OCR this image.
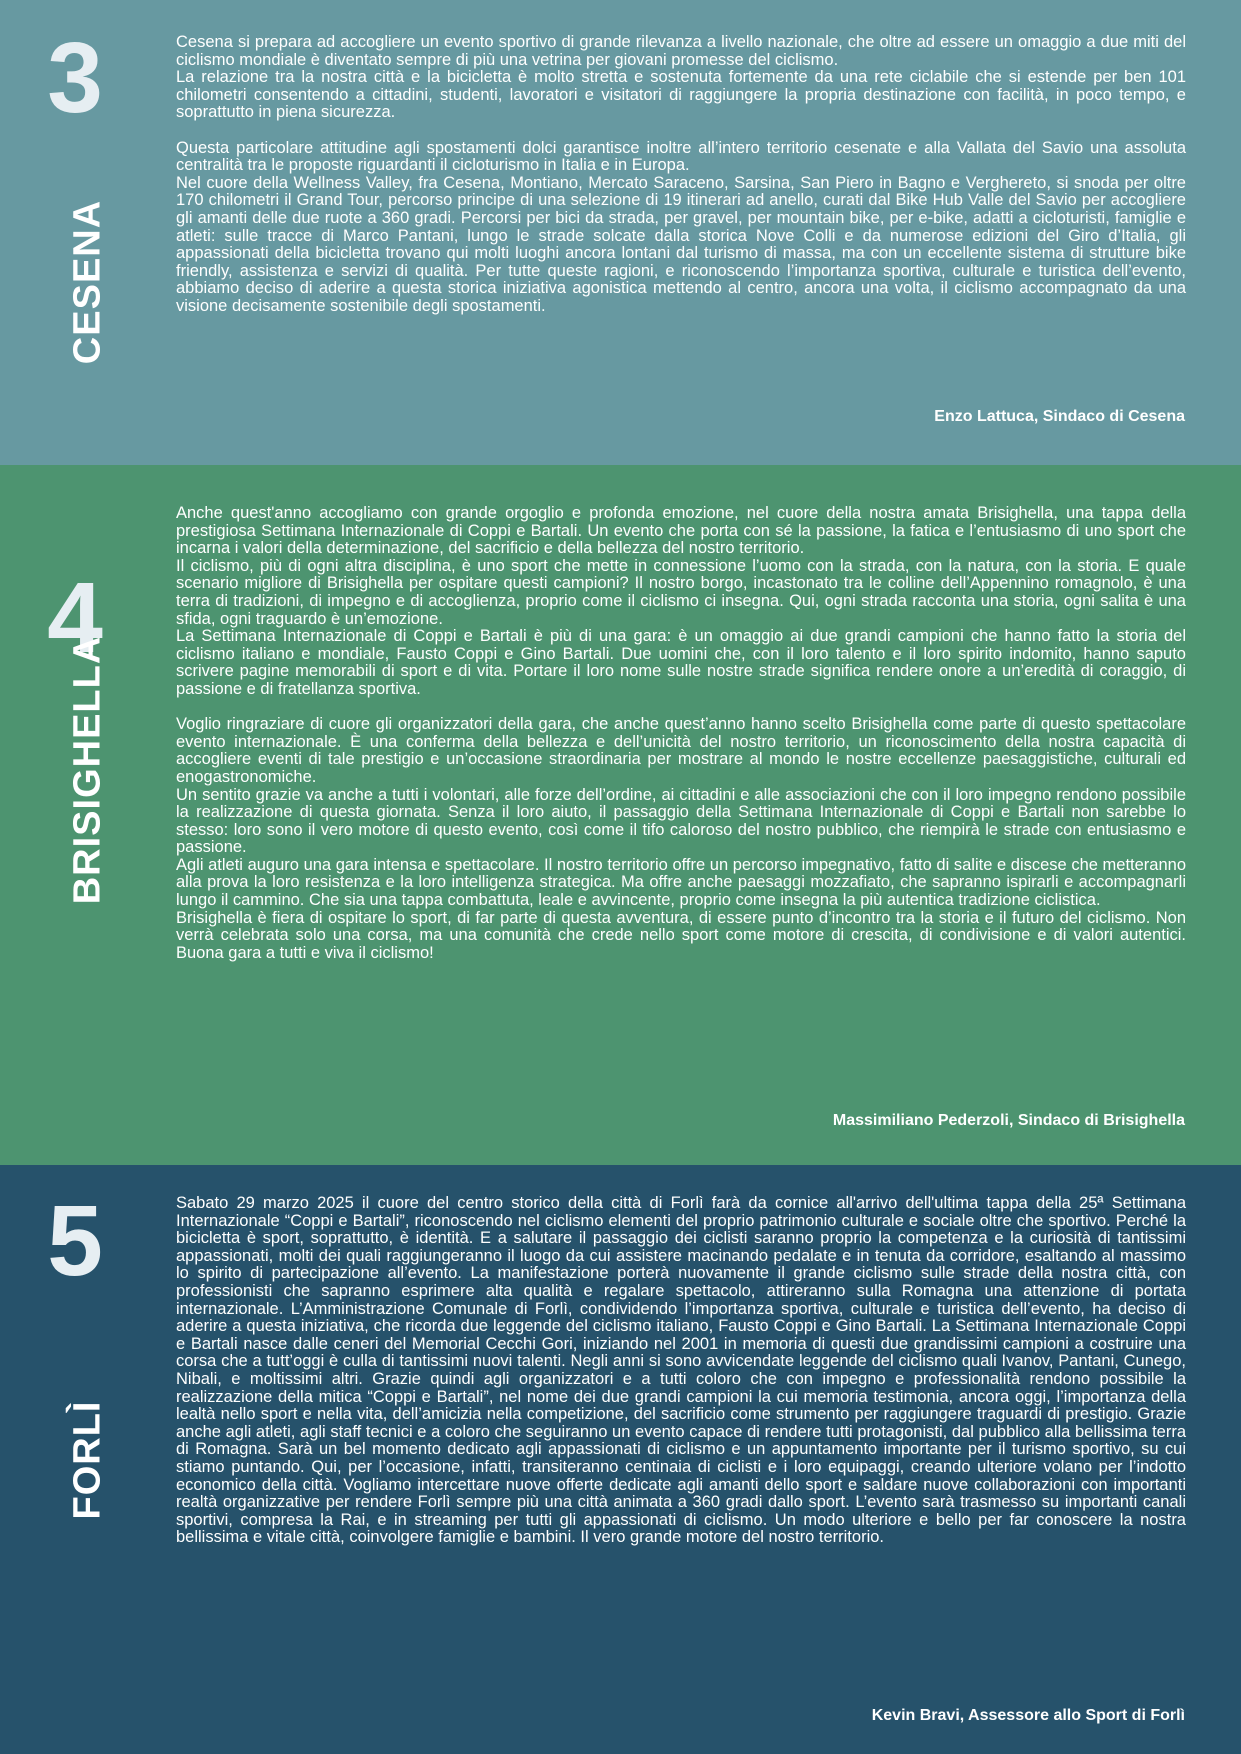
3
CESENA

Cesena si prepara ad accogliere un evento sportivo di grande rilevanza a livello nazionale, che oltre ad essere un omaggio a due miti del ciclismo mondiale è diventato sempre di più una vetrina per giovani promesse del ciclismo.

La relazione tra la nostra città e la bicicletta è molto stretta e sostenuta fortemente da una rete ciclabile che si estende per ben 101 chilometri consentendo a cittadini, studenti, lavoratori e visitatori di raggiungere la propria destinazione con facilità, in poco tempo, e soprattutto in piena sicurezza.

Questa particolare attitudine agli spostamenti dolci garantisce inoltre all’intero territorio cesenate e alla Vallata del Savio una assoluta centralità tra le proposte riguardanti il cicloturismo in Italia e in Europa.

Nel cuore della Wellness Valley, fra Cesena, Montiano, Mercato Saraceno, Sarsina, San Piero in Bagno e Verghereto, si snoda per oltre 170 chilometri il Grand Tour, percorso principe di una selezione di 19 itinerari ad anello, curati dal Bike Hub Valle del Savio per accogliere gli amanti delle due ruote a 360 gradi. Percorsi per bici da strada, per gravel, per mountain bike, per e-bike, adatti a cicloturisti, famiglie e atleti: sulle tracce di Marco Pantani, lungo le strade solcate dalla storica Nove Colli e da numerose edizioni del Giro d’Italia, gli appassionati della bicicletta trovano qui molti luoghi ancora lontani dal turismo di massa, ma con un eccellente sistema di strutture bike friendly, assistenza e servizi di qualità. Per tutte queste ragioni, e riconoscendo l’importanza sportiva, culturale e turistica dell’evento, abbiamo deciso di aderire a questa storica iniziativa agonistica mettendo al centro, ancora una volta, il ciclismo accompagnato da una visione decisamente sostenibile degli spostamenti.

Enzo Lattuca, Sindaco di Cesena
4
BRISIGHELLA

Anche quest'anno accogliamo con grande orgoglio e profonda emozione, nel cuore della nostra amata Brisighella, una tappa della prestigiosa Settimana Internazionale di Coppi e Bartali. Un evento che porta con sé la passione, la fatica e l’entusiasmo di uno sport che incarna i valori della determinazione, del sacrificio e della bellezza del nostro territorio.

Il ciclismo, più di ogni altra disciplina, è uno sport che mette in connessione l’uomo con la strada, con la natura, con la storia. E quale scenario migliore di Brisighella per ospitare questi campioni? Il nostro borgo, incastonato tra le colline dell’Appennino romagnolo, è una terra di tradizioni, di impegno e di accoglienza, proprio come il ciclismo ci insegna. Qui, ogni strada racconta una storia, ogni salita è una sfida, ogni traguardo è un’emozione.

La Settimana Internazionale di Coppi e Bartali è più di una gara: è un omaggio ai due grandi campioni che hanno fatto la storia del ciclismo italiano e mondiale, Fausto Coppi e Gino Bartali. Due uomini che, con il loro talento e il loro spirito indomito, hanno saputo scrivere pagine memorabili di sport e di vita. Portare il loro nome sulle nostre strade significa rendere onore a un’eredità di coraggio, di passione e di fratellanza sportiva.

Voglio ringraziare di cuore gli organizzatori della gara, che anche quest’anno hanno scelto Brisighella come parte di questo spettacolare evento internazionale. È una conferma della bellezza e dell’unicità del nostro territorio, un riconoscimento della nostra capacità di accogliere eventi di tale prestigio e un’occasione straordinaria per mostrare al mondo le nostre eccellenze paesaggistiche, culturali ed enogastronomiche.

Un sentito grazie va anche a tutti i volontari, alle forze dell’ordine, ai cittadini e alle associazioni che con il loro impegno rendono possibile la realizzazione di questa giornata. Senza il loro aiuto, il passaggio della Settimana Internazionale di Coppi e Bartali non sarebbe lo stesso: loro sono il vero motore di questo evento, così come il tifo caloroso del nostro pubblico, che riempirà le strade con entusiasmo e passione.

Agli atleti auguro una gara intensa e spettacolare. Il nostro territorio offre un percorso impegnativo, fatto di salite e discese che metteranno alla prova la loro resistenza e la loro intelligenza strategica. Ma offre anche paesaggi mozzafiato, che sapranno ispirarli e accompagnarli lungo il cammino. Che sia una tappa combattuta, leale e avvincente, proprio come insegna la più autentica tradizione ciclistica.

Brisighella è fiera di ospitare lo sport, di far parte di questa avventura, di essere punto d’incontro tra la storia e il futuro del ciclismo. Non verrà celebrata solo una corsa, ma una comunità che crede nello sport come motore di crescita, di condivisione e di valori autentici. Buona gara a tutti e viva il ciclismo!

Massimiliano Pederzoli, Sindaco di Brisighella
5
FORLÌ

Sabato 29 marzo 2025 il cuore del centro storico della città di Forlì farà da cornice all'arrivo dell'ultima tappa della 25ª Settimana Internazionale “Coppi e Bartali”, riconoscendo nel ciclismo elementi del proprio patrimonio culturale e sociale oltre che sportivo. Perché la bicicletta è sport, soprattutto, è identità. E a salutare il passaggio dei ciclisti saranno proprio la competenza e la curiosità di tantissimi appassionati, molti dei quali raggiungeranno il luogo da cui assistere macinando pedalate e in tenuta da corridore, esaltando al massimo lo spirito di partecipazione all’evento. La manifestazione porterà nuovamente il grande ciclismo sulle strade della nostra città, con professionisti che sapranno esprimere alta qualità e regalare spettacolo, attireranno sulla Romagna una attenzione di portata internazionale. L’Amministrazione Comunale di Forlì, condividendo l’importanza sportiva, culturale e turistica dell’evento, ha deciso di aderire a questa iniziativa, che ricorda due leggende del ciclismo italiano, Fausto Coppi e Gino Bartali. La Settimana Internazionale Coppi e Bartali nasce dalle ceneri del Memorial Cecchi Gori, iniziando nel 2001 in memoria di questi due grandissimi campioni a costruire una corsa che a tutt’oggi è culla di tantissimi nuovi talenti. Negli anni si sono avvicendate leggende del ciclismo quali Ivanov, Pantani, Cunego, Nibali, e moltissimi altri. Grazie quindi agli organizzatori e a tutti coloro che con impegno e professionalità rendono possibile la realizzazione della mitica “Coppi e Bartali”, nel nome dei due grandi campioni la cui memoria testimonia, ancora oggi, l’importanza della lealtà nello sport e nella vita, dell’amicizia nella competizione, del sacrificio come strumento per raggiungere traguardi di prestigio. Grazie anche agli atleti, agli staff tecnici e a coloro che seguiranno un evento capace di rendere tutti protagonisti, dal pubblico alla bellissima terra di Romagna. Sarà un bel momento dedicato agli appassionati di ciclismo e un appuntamento importante per il turismo sportivo, su cui stiamo puntando. Qui, per l’occasione, infatti, transiteranno centinaia di ciclisti e i loro equipaggi, creando ulteriore volano per l’indotto economico della città. Vogliamo intercettare nuove offerte dedicate agli amanti dello sport e saldare nuove collaborazioni con importanti realtà organizzative per rendere Forlì sempre più una città animata a 360 gradi dallo sport. L’evento sarà trasmesso su importanti canali sportivi, compresa la Rai, e in streaming per tutti gli appassionati di ciclismo. Un modo ulteriore e bello per far conoscere la nostra bellissima e vitale città, coinvolgere famiglie e bambini. Il vero grande motore del nostro territorio.

Kevin Bravi, Assessore allo Sport di Forlì
